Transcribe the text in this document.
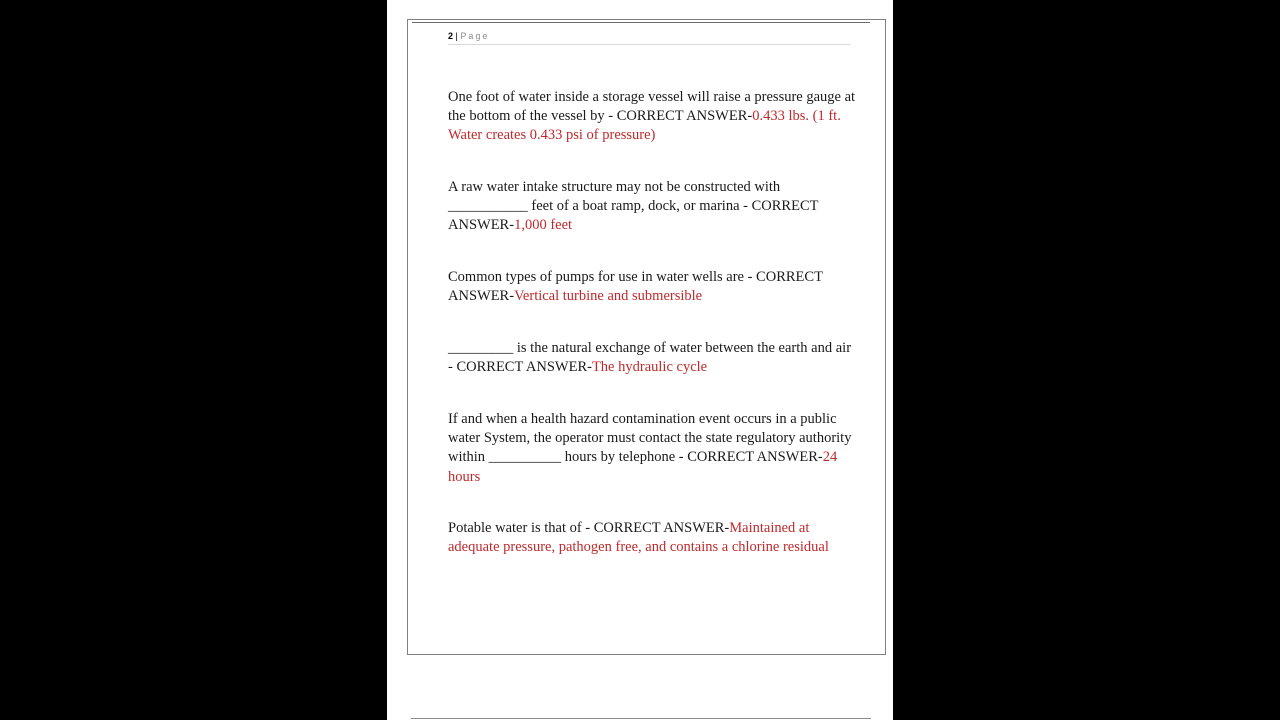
2 | Page
One foot of water inside a storage vessel will raise a pressure gauge at the bottom of the vessel by - CORRECT ANSWER-0.433 lbs. (1 ft. Water creates 0.433 psi of pressure)
A raw water intake structure may not be constructed with ___________ feet of a boat ramp, dock, or marina - CORRECT ANSWER-1,000 feet
Common types of pumps for use in water wells are - CORRECT ANSWER-Vertical turbine and submersible
_________ is the natural exchange of water between the earth and air - CORRECT ANSWER-The hydraulic cycle
If and when a health hazard contamination event occurs in a public water System, the operator must contact the state regulatory authority within __________ hours by telephone - CORRECT ANSWER-24 hours
Potable water is that of - CORRECT ANSWER-Maintained at adequate pressure, pathogen free, and contains a chlorine residual
